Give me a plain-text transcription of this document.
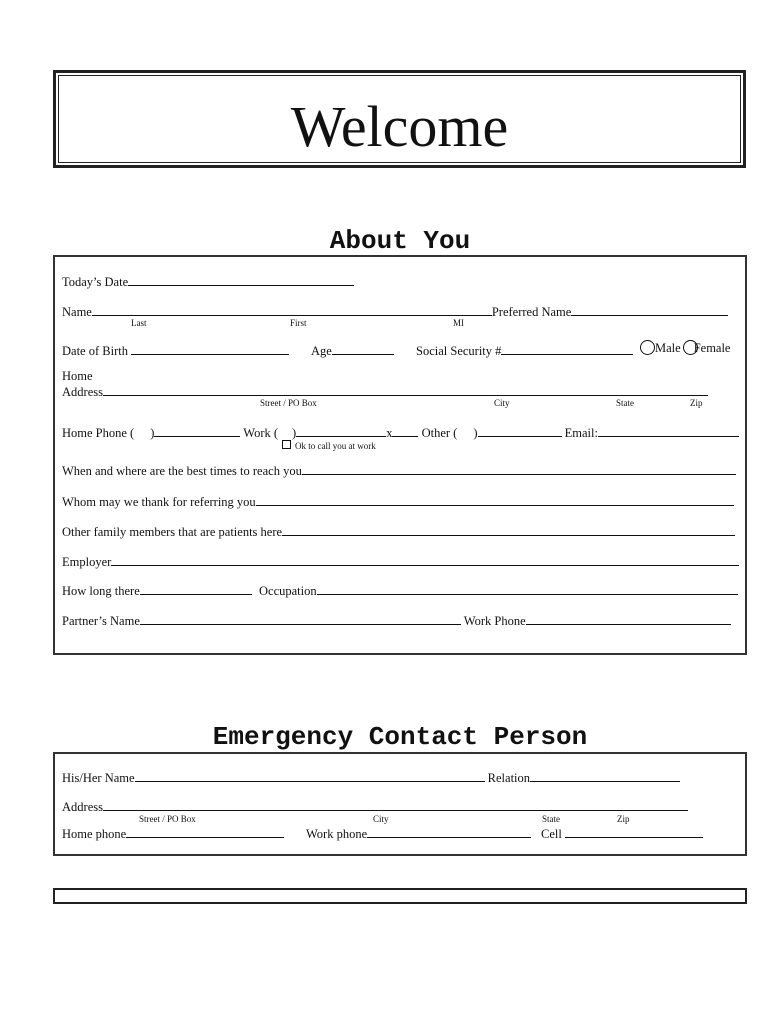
Welcome
About You
Today’s Date
Name	Preferred Name
Last	First	MI
Date of Birth	Age	Social Security #	Male Female
Home
Address
Street / PO Box	City	State	Zip
Home Phone ( )	Work ( )	x Other ( )	Email:
Ok to call you at work
When and where are the best times to reach you
Whom may we thank for referring you
Other family members that are patients here
Employer
How long there	Occupation
Partner’s Name	Work Phone
Emergency Contact Person
His/Her Name	Relation
Address
Street / PO Box	City	State	Zip
Home phone	Work phone	Cell
